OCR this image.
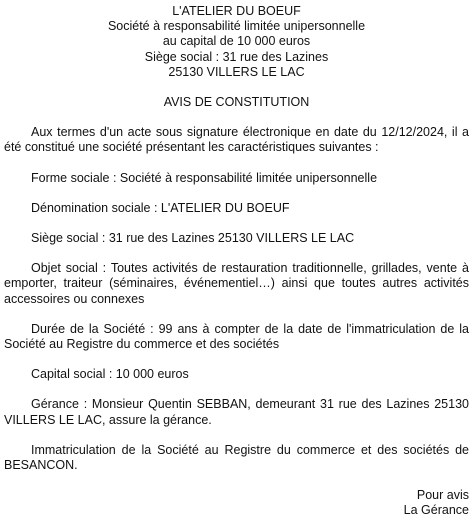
L'ATELIER DU BOEUF
Société à responsabilité limitée unipersonnelle
au capital de 10 000 euros
Siège social : 31 rue des Lazines
25130 VILLERS LE LAC
AVIS DE CONSTITUTION

Aux termes d'un acte sous signature électronique en date du 12/12/2024, il a été constitué une société présentant les caractéristiques suivantes :

Forme sociale : Société à responsabilité limitée unipersonnelle

Dénomination sociale : L'ATELIER DU BOEUF

Siège social : 31 rue des Lazines 25130 VILLERS LE LAC

Objet social : Toutes activités de restauration traditionnelle, grillades, vente à emporter, traiteur (séminaires, événementiel…) ainsi que toutes autres activités accessoires ou connexes

Durée de la Société : 99 ans à compter de la date de l'immatriculation de la Société au Registre du commerce et des sociétés

Capital social : 10 000 euros

Gérance : Monsieur Quentin SEBBAN, demeurant 31 rue des Lazines 25130 VILLERS LE LAC, assure la gérance.

Immatriculation de la Société au Registre du commerce et des sociétés de BESANCON.

Pour avis
La Gérance
